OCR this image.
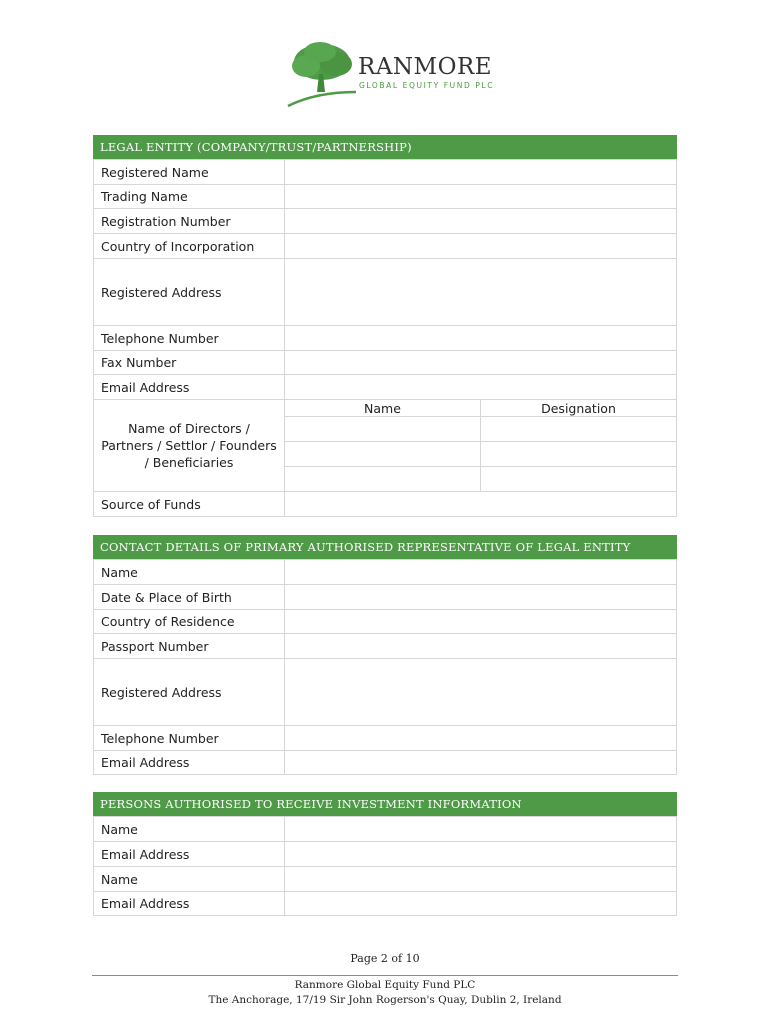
RANMORE
GLOBAL EQUITY FUND PLC
LEGAL ENTITY (COMPANY/TRUST/PARTNERSHIP)
Registered Name		
Trading Name		
Registration Number		
Country of Incorporation		
Registered Address		
Telephone Number		
Fax Number		
Email Address		
Name of Directors / Partners / Settlor / Founders / Beneficiaries	Name	Designation

Source of Funds		
CONTACT DETAILS OF PRIMARY AUTHORISED REPRESENTATIVE OF LEGAL ENTITY
Name	
Date & Place of Birth	
Country of Residence	
Passport Number	
Registered Address	
Telephone Number	
Email Address	
PERSONS AUTHORISED TO RECEIVE INVESTMENT INFORMATION
Name	
Email Address	
Name	
Email Address	
Page 2 of 10
Ranmore Global Equity Fund PLC
The Anchorage, 17/19 Sir John Rogerson's Quay, Dublin 2, Ireland
